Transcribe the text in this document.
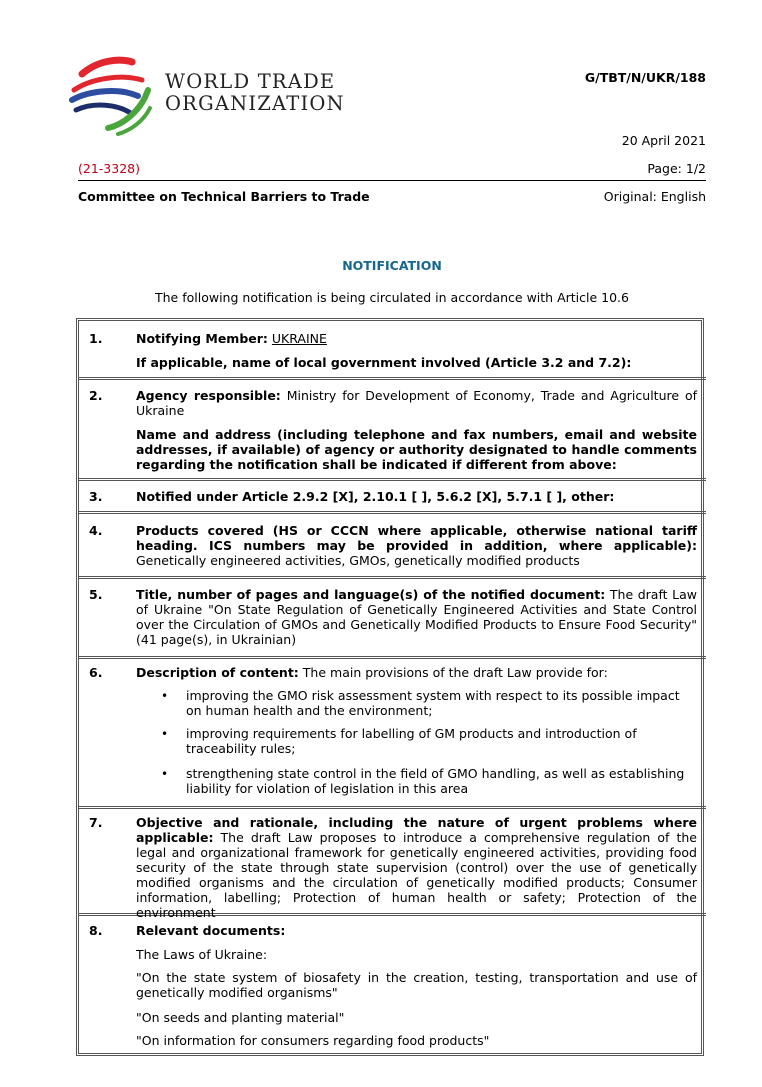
WORLD TRADE
ORGANIZATION
G/TBT/N/UKR/188
20 April 2021
(21-3328)	Page: 1/2
Committee on Technical Barriers to Trade	Original: English
NOTIFICATION
The following notification is being circulated in accordance with Article 10.6
1.	Notifying Member: UKRAINE

If applicable, name of local government involved (Article 3.2 and 7.2):

2.	Agency responsible: Ministry for Development of Economy, Trade and Agriculture of Ukraine

Name and address (including telephone and fax numbers, email and website addresses, if available) of agency or authority designated to handle comments regarding the notification shall be indicated if different from above:

3.	Notified under Article 2.9.2 [X], 2.10.1 [ ], 5.6.2 [X], 5.7.1 [ ], other:

4.	Products covered (HS or CCCN where applicable, otherwise national tariff heading. ICS numbers may be provided in addition, where applicable): Genetically engineered activities, GMOs, genetically modified products

5.	Title, number of pages and language(s) of the notified document: The draft Law of Ukraine "On State Regulation of Genetically Engineered Activities and State Control over the Circulation of GMOs and Genetically Modified Products to Ensure Food Security" (41 page(s), in Ukrainian)

6.	Description of content: The main provisions of the draft Law provide for:

• improving the GMO risk assessment system with respect to its possible impact on human health and the environment;

• improving requirements for labelling of GM products and introduction of traceability rules;

• strengthening state control in the field of GMO handling, as well as establishing liability for violation of legislation in this area

7.	Objective and rationale, including the nature of urgent problems where applicable: The draft Law proposes to introduce a comprehensive regulation of the legal and organizational framework for genetically engineered activities, providing food security of the state through state supervision (control) over the use of genetically modified organisms and the circulation of genetically modified products; Consumer information, labelling; Protection of human health or safety; Protection of the environment

8.	Relevant documents:

The Laws of Ukraine:

"On the state system of biosafety in the creation, testing, transportation and use of genetically modified organisms"

"On seeds and planting material"

"On information for consumers regarding food products"
